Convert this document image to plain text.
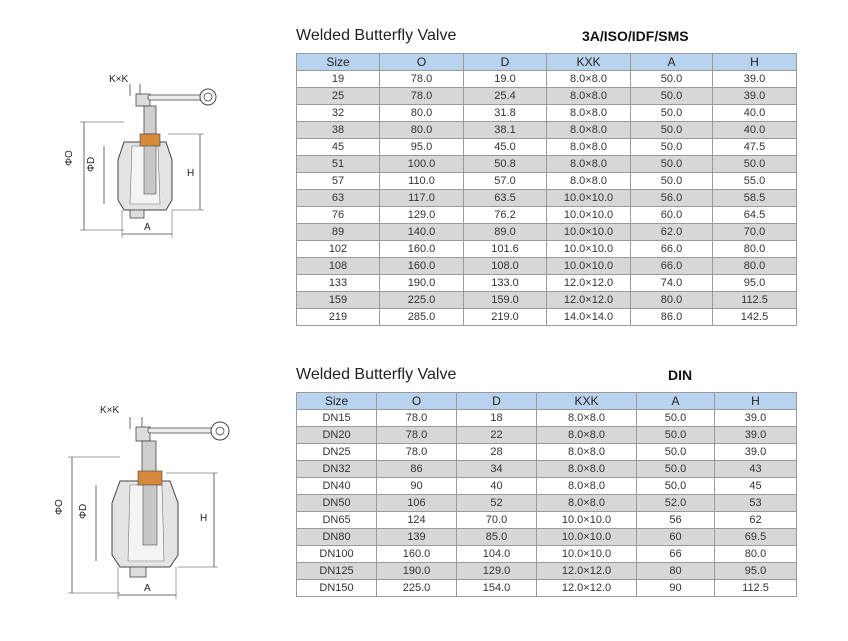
K×K
H
ΦO ΦD
A
Welded Butterfly Valve	3A/ISO/IDF/SMS
Size	O	D	KXK	A	H
19	78.0	19.0	8.0×8.0	50.0	39.0
25	78.0	25.4	8.0×8.0	50.0	39.0
32	80.0	31.8	8.0×8.0	50.0	40.0
38	80.0	38.1	8.0×8.0	50.0	40.0
45	95.0	45.0	8.0×8.0	50.0	47.5
51	100.0	50.8	8.0×8.0	50.0	50.0
57	110.0	57.0	8.0×8.0	50.0	55.0
63	117.0	63.5	10.0×10.0	56.0	58.5
76	129.0	76.2	10.0×10.0	60.0	64.5
89	140.0	89.0	10.0×10.0	62.0	70.0
102	160.0	101.6	10.0×10.0	66.0	80.0
108	160.0	108.0	10.0×10.0	66.0	80.0
133	190.0	133.0	12.0×12.0	74.0	95.0
159	225.0	159.0	12.0×12.0	80.0	112.5
219	285.0	219.0	14.0×14.0	86.0	142.5
K×K
H
ΦO ΦD
A
Welded Butterfly Valve	DIN
Size	O	D	KXK	A	H
DN15	78.0	18	8.0×8.0	50.0	39.0
DN20	78.0	22	8.0×8.0	50.0	39.0
DN25	78.0	28	8.0×8.0	50.0	39.0
DN32	86	34	8.0×8.0	50.0	43
DN40	90	40	8.0×8.0	50.0	45
DN50	106	52	8.0×8.0	52.0	53
DN65	124	70.0	10.0×10.0	56	62
DN80	139	85.0	10.0×10.0	60	69.5
DN100	160.0	104.0	10.0×10.0	66	80.0
DN125	190.0	129.0	12.0×12.0	80	95.0
DN150	225.0	154.0	12.0×12.0	90	112.5
